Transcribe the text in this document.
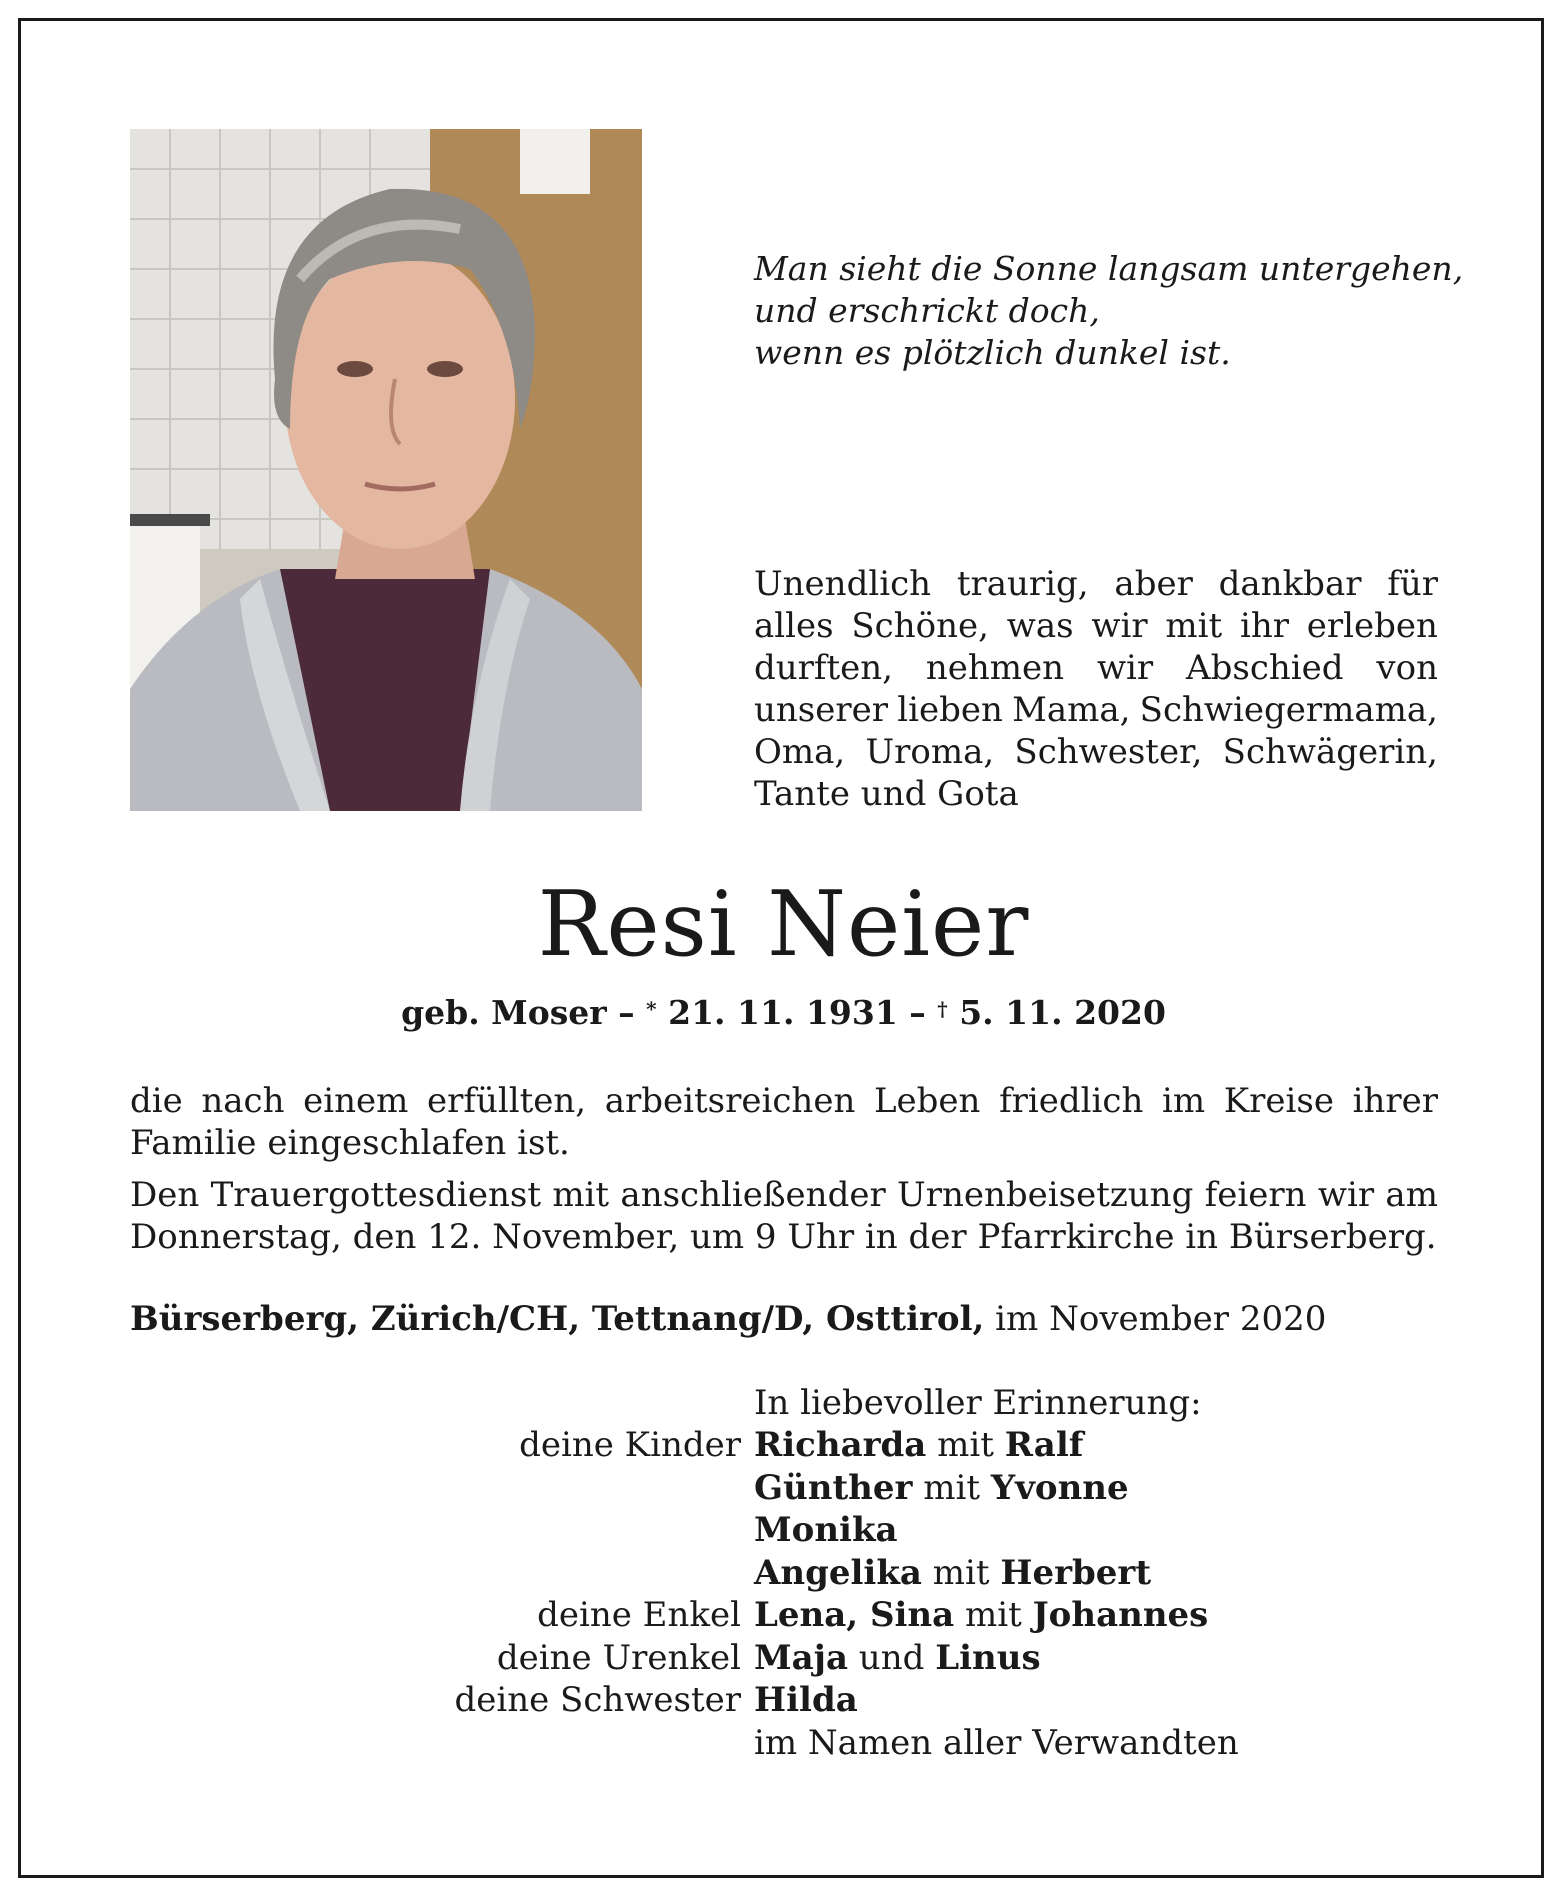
Man sieht die Sonne langsam untergehen,
und erschrickt doch,
wenn es plötzlich dunkel ist.
Unendlich traurig, aber dankbar für
alles Schöne, was wir mit ihr erleben
durften, nehmen wir Abschied von
unserer lieben Mama, Schwiegermama,
Oma, Uroma, Schwester, Schwägerin,
Tante und Gota
Resi Neier
geb. Moser – * 21. 11. 1931 – † 5. 11. 2020
die nach einem erfüllten, arbeitsreichen Leben friedlich im Kreise ihrer
Familie eingeschlafen ist.
Den Trauergottesdienst mit anschließender Urnenbeisetzung feiern wir am
Donnerstag, den 12. November, um 9 Uhr in der Pfarrkirche in Bürserberg.
Bürserberg, Zürich/CH, Tettnang/D, Osttirol, im November 2020
In liebevoller Erinnerung:
deine Kinder Richarda mit Ralf
Günther mit Yvonne
Monika
Angelika mit Herbert
deine Enkel Lena, Sina mit Johannes
deine Urenkel Maja und Linus
deine Schwester Hilda
im Namen aller Verwandten
